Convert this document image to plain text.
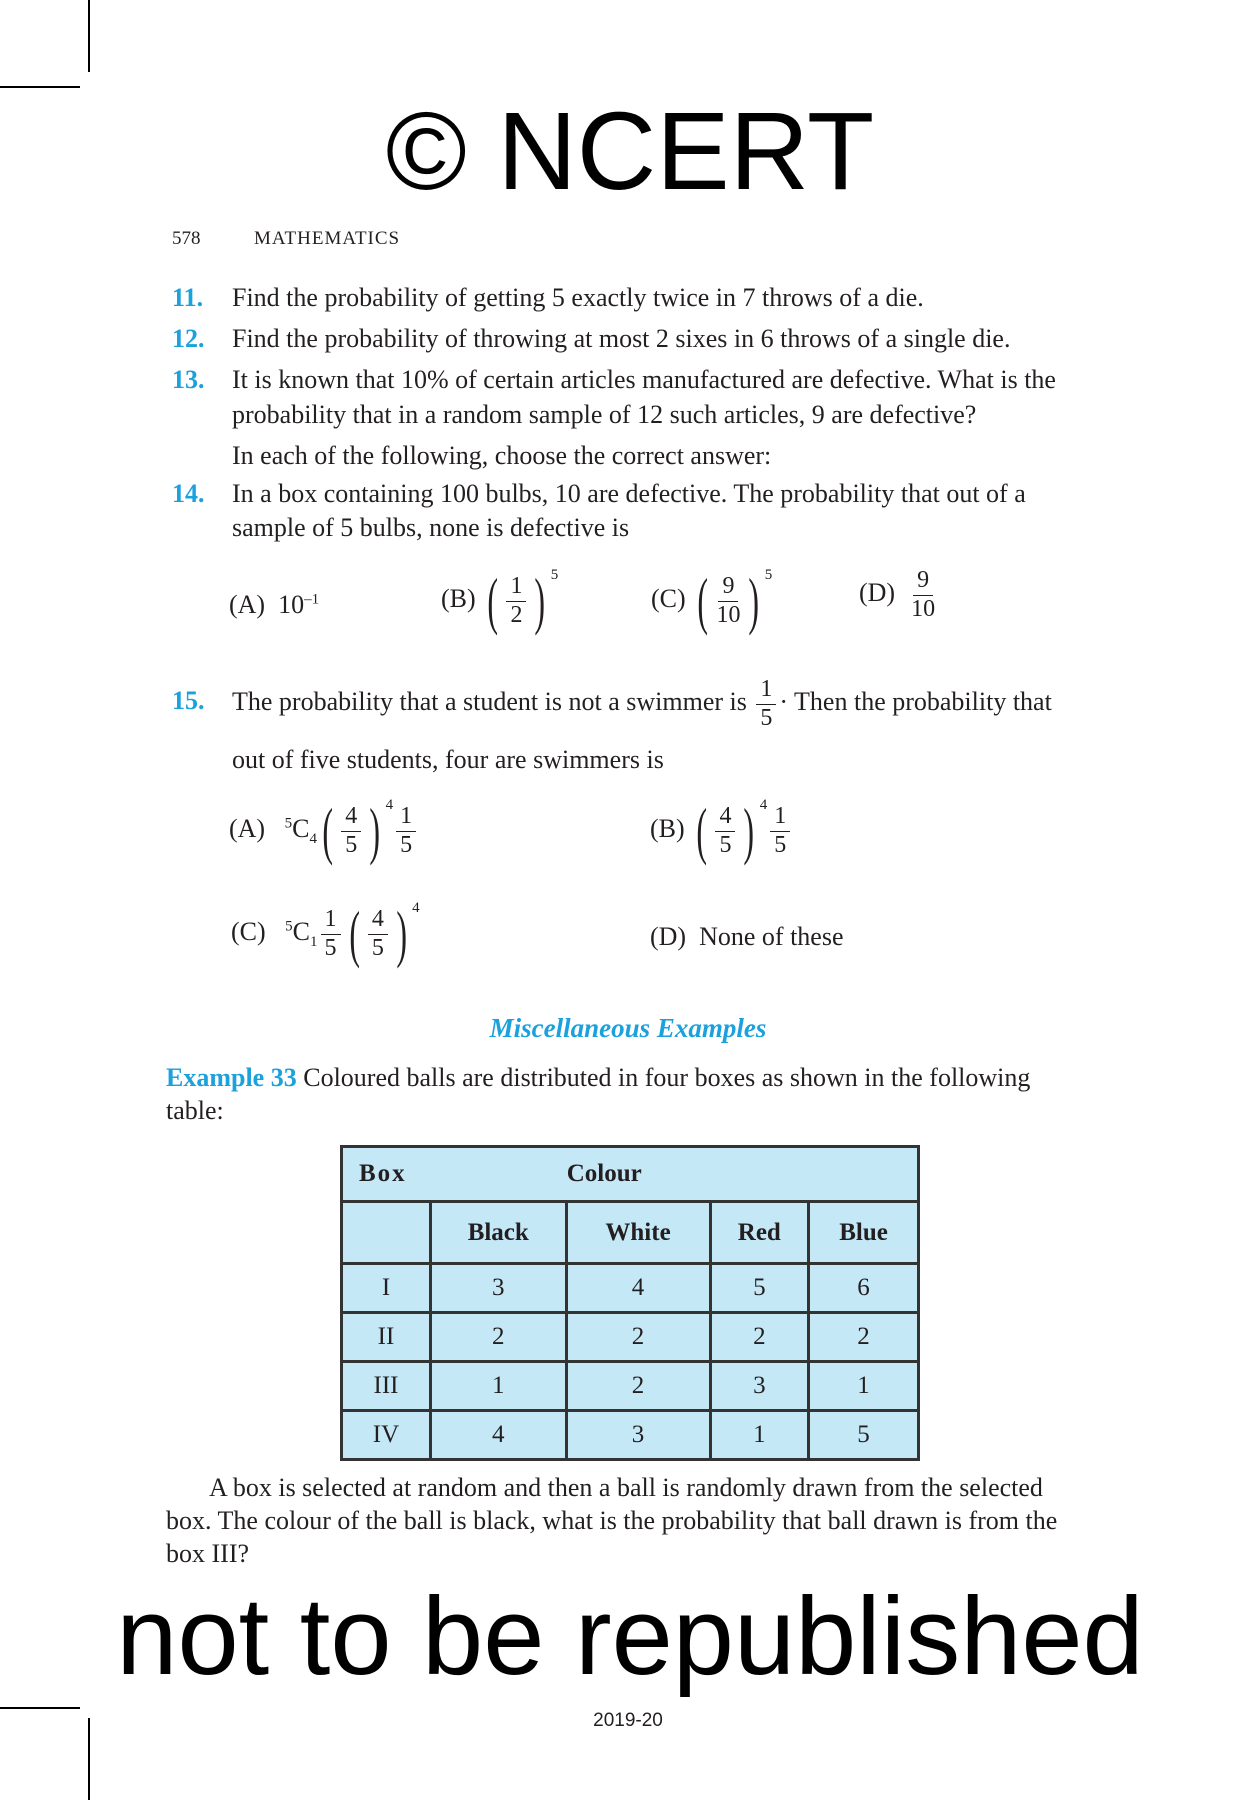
© NCERT
578	MATHEMATICS
11. Find the probability of getting 5 exactly twice in 7 throws of a die.
12. Find the probability of throwing at most 2 sixes in 6 throws of a single die.
13. It is known that 10% of certain articles manufactured are defective. What is the
probability that in a random sample of 12 such articles, 9 are defective?
In each of the following, choose the correct answer:
14. In a box containing 100 bulbs, 10 are defective. The probability that out of a
sample of 5 bulbs, none is defective is
(A) $10^{-1}$	(B) ( $\frac{1}{2}$ ) $^5$
(C) ( $\frac{9}{10}$ ) $^5$
$(D) \frac{9}{10}$
15. The probability that a student is not a swimmer is $\frac{1}{5}$ · Then the probability that
out of five students, four are swimmers is
(A) $^5C_4$ ( $\frac{4}{5}$ ) $^4 \frac{1}{5}$	(B) ( $\frac{4}{5}$ ) $^4 \frac{1}{5}$
(C) $^5C_1 \frac{1}{5}$ ( $\frac{4}{5}$ ) $^4$
(D) None of these
Miscellaneous Examples
Example 33 Coloured balls are distributed in four boxes as shown in the following
table:
Box Colour				
	Black	White	Red	Blue
I	3	4	5	6
II	2	2	2	2
III	1	2	3	1
IV	4	3	1	5
A box is selected at random and then a ball is randomly drawn from the selected
box. The colour of the ball is black, what is the probability that ball drawn is from the
box III?
not to be republished
2019-20
